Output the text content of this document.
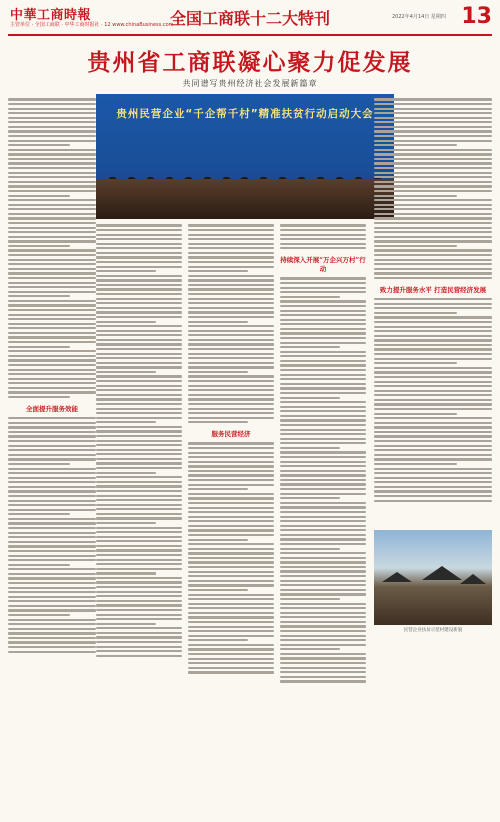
中華工商時報
主管单位 · 全国工商联 · 中华工商时报社 · 12 www.chinaBusiness.com
全国工商联十二大特刊	2022年4月14日 星期四 13
贵州省工商联凝心聚力促发展
共同谱写贵州经济社会发展新篇章
贵州民营企业“千企帮千村”精准扶贫行动启动大会
全面提升服务效能
服务民营经济
持续深入开展“万企兴万村”行动
致力提升服务水平 打造民营经济发展
民营企业扶贫示范村建设新貌
